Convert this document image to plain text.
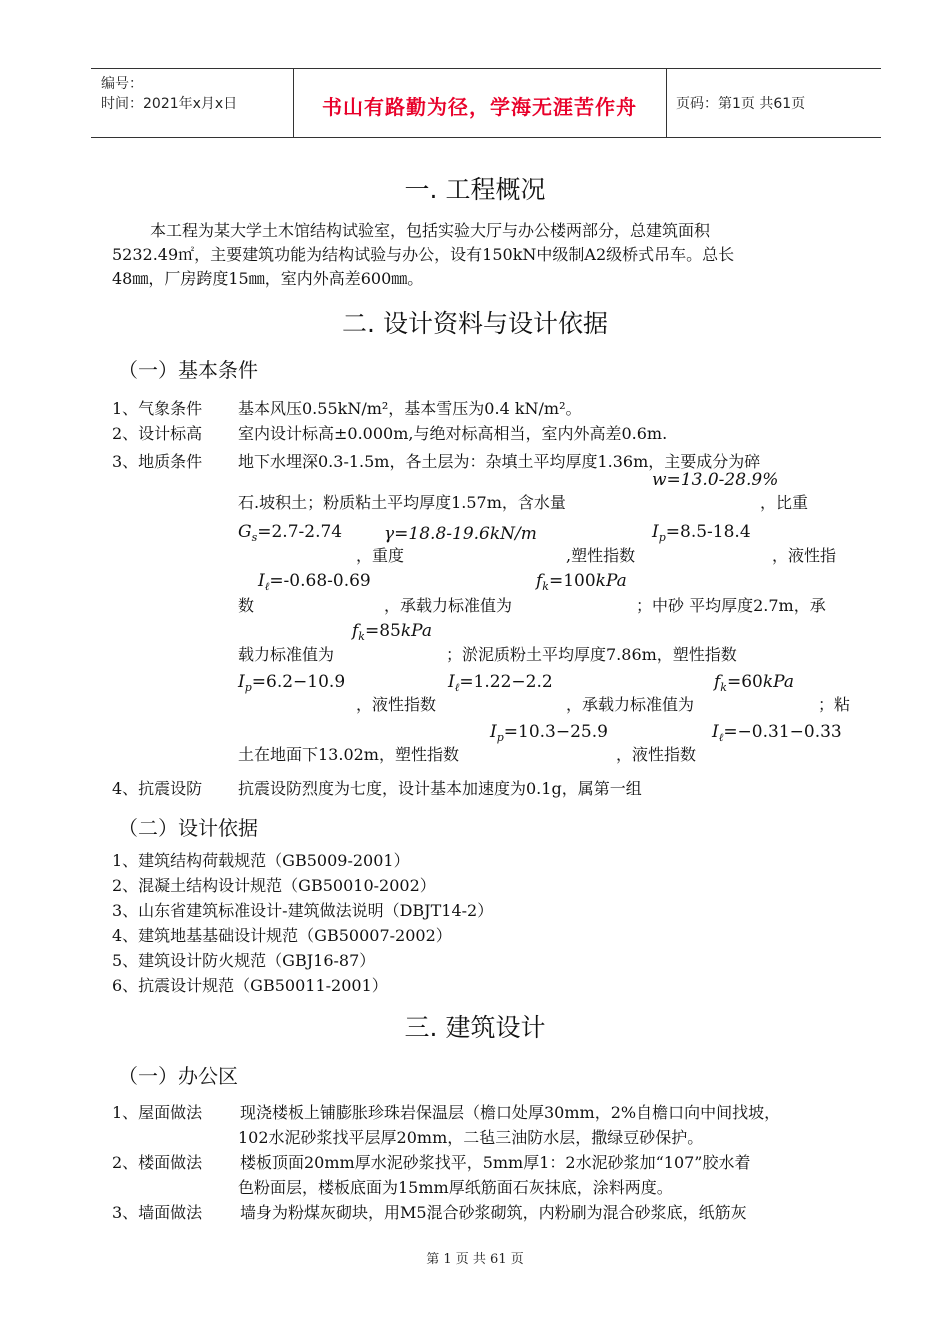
编号：
时间：2021年x月x日	书山有路勤为径，学海无涯苦作舟	页码：第1页 共61页
一. 工程概况
本工程为某大学土木馆结构试验室，包括实验大厅与办公楼两部分，总建筑面积
5232.49㎡，主要建筑功能为结构试验与办公，设有150kN中级制A2级桥式吊车。总长
48㎜，厂房跨度15㎜，室内外高差600㎜。
二. 设计资料与设计依据
（一）基本条件
1、气象条件 基本风压0.55kN/m²，基本雪压为0.4 kN/m²。
2、设计标高 室内设计标高±0.000m,与绝对标高相当，室内外高差0.6m.
3、地质条件 地下水埋深0.3-1.5m，各土层为：杂填土平均厚度1.36m，主要成分为碎
w=13.0-28.9%
石.坡积土；粉质粘土平均厚度1.57m，含水量	，比重
$G_s=2.7-2.74$ γ=18.8-19.6kN/m	$I_p=8.5-18.4$
，重度	,塑性指数	，液性指
$I_\ell=-0.68-0.69$	$f_k=100kPa$
数	，承载力标准值为	；中砂 平均厚度2.7m，承
$f_k=85kPa$
载力标准值为	；淤泥质粉土平均厚度7.86m，塑性指数
$I_p=6.2-10.9$	$I_\ell=1.22-2.2$	$f_k=60kPa$
，液性指数	，承载力标准值为	；粘
$I_p=10.3-25.9$	$I_\ell=-0.31-0.33$
土在地面下13.02m，塑性指数	，液性指数
4、抗震设防 抗震设防烈度为七度，设计基本加速度为0.1g，属第一组
（二）设计依据
1、建筑结构荷载规范（GB5009-2001）
2、混凝土结构设计规范（GB50010-2002）
3、山东省建筑标准设计-建筑做法说明（DBJT14-2）
4、建筑地基基础设计规范（GB50007-2002）
5、建筑设计防火规范（GBJ16-87）
6、抗震设计规范（GB50011-2001）
三. 建筑设计
（一）办公区
1、屋面做法 现浇楼板上铺膨胀珍珠岩保温层（檐口处厚30mm，2%自檐口向中间找坡，
102水泥砂浆找平层厚20mm，二毡三油防水层，撒绿豆砂保护。
2、楼面做法 楼板顶面20mm厚水泥砂浆找平，5mm厚1：2水泥砂浆加“107”胶水着
色粉面层，楼板底面为15mm厚纸筋面石灰抹底，涂料两度。
3、墙面做法 墙身为粉煤灰砌块，用M5混合砂浆砌筑，内粉刷为混合砂浆底，纸筋灰
第 1 页 共 61 页
